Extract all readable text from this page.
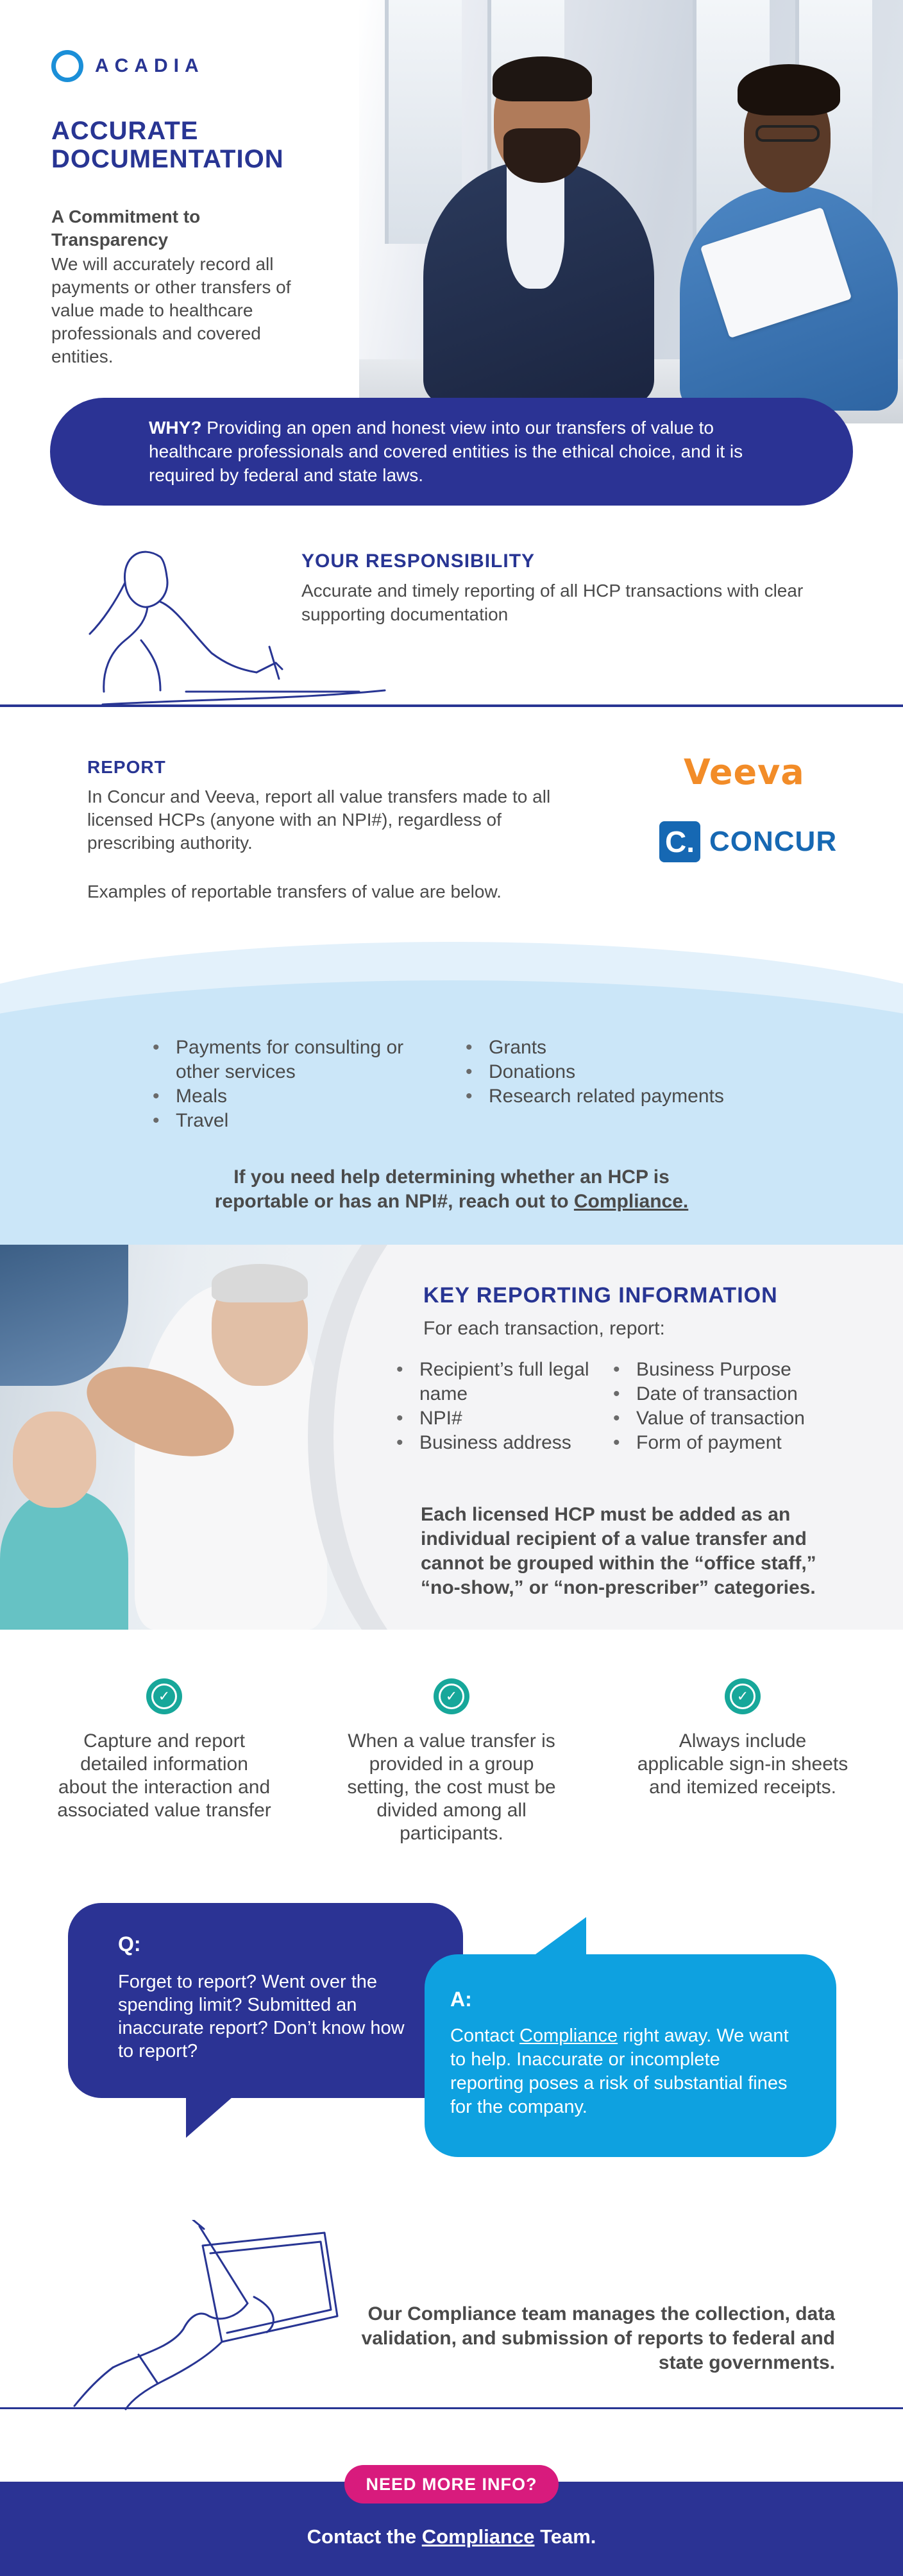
ACADIA
ACCURATE
DOCUMENTATION
A Commitment to Transparency
We will accurately record all payments or other transfers of value made to healthcare professionals and covered entities.
WHY? Providing an open and honest view into our transfers of value to healthcare professionals and covered entities is the ethical choice, and it is required by federal and state laws.
YOUR RESPONSIBILITY
Accurate and timely reporting of all HCP transactions with clear supporting documentation
REPORT
In Concur and Veeva, report all value transfers made to all licensed HCPs (anyone with an NPI#), regardless of prescribing authority.
Examples of reportable transfers of value are below.
Veeva
C. CONCUR
• Payments for consulting or other services
• Meals
• Travel
• Grants
• Donations
• Research related payments
If you need help determining whether an HCP is reportable or has an NPI#, reach out to Compliance.
KEY REPORTING INFORMATION
For each transaction, report:
• Recipient’s full legal name
• NPI#
• Business address
• Business Purpose
• Date of transaction
• Value of transaction
• Form of payment
Each licensed HCP must be added as an individual recipient of a value transfer and cannot be grouped within the “office staff,” “no-show,” or “non-prescriber” categories.
✓
Capture and report detailed information about the interaction and associated value transfer
✓
When a value transfer is provided in a group setting, the cost must be divided among all participants.
✓
Always include applicable sign-in sheets and itemized receipts.
Q:
Forget to report? Went over the spending limit? Submitted an inaccurate report? Don’t know how to report?
A:
Contact Compliance right away. We want to help. Inaccurate or incomplete reporting poses a risk of substantial fines for the company.
Our Compliance team manages the collection, data validation, and submission of reports to federal and state governments.
NEED MORE INFO?
Contact the Compliance Team.
